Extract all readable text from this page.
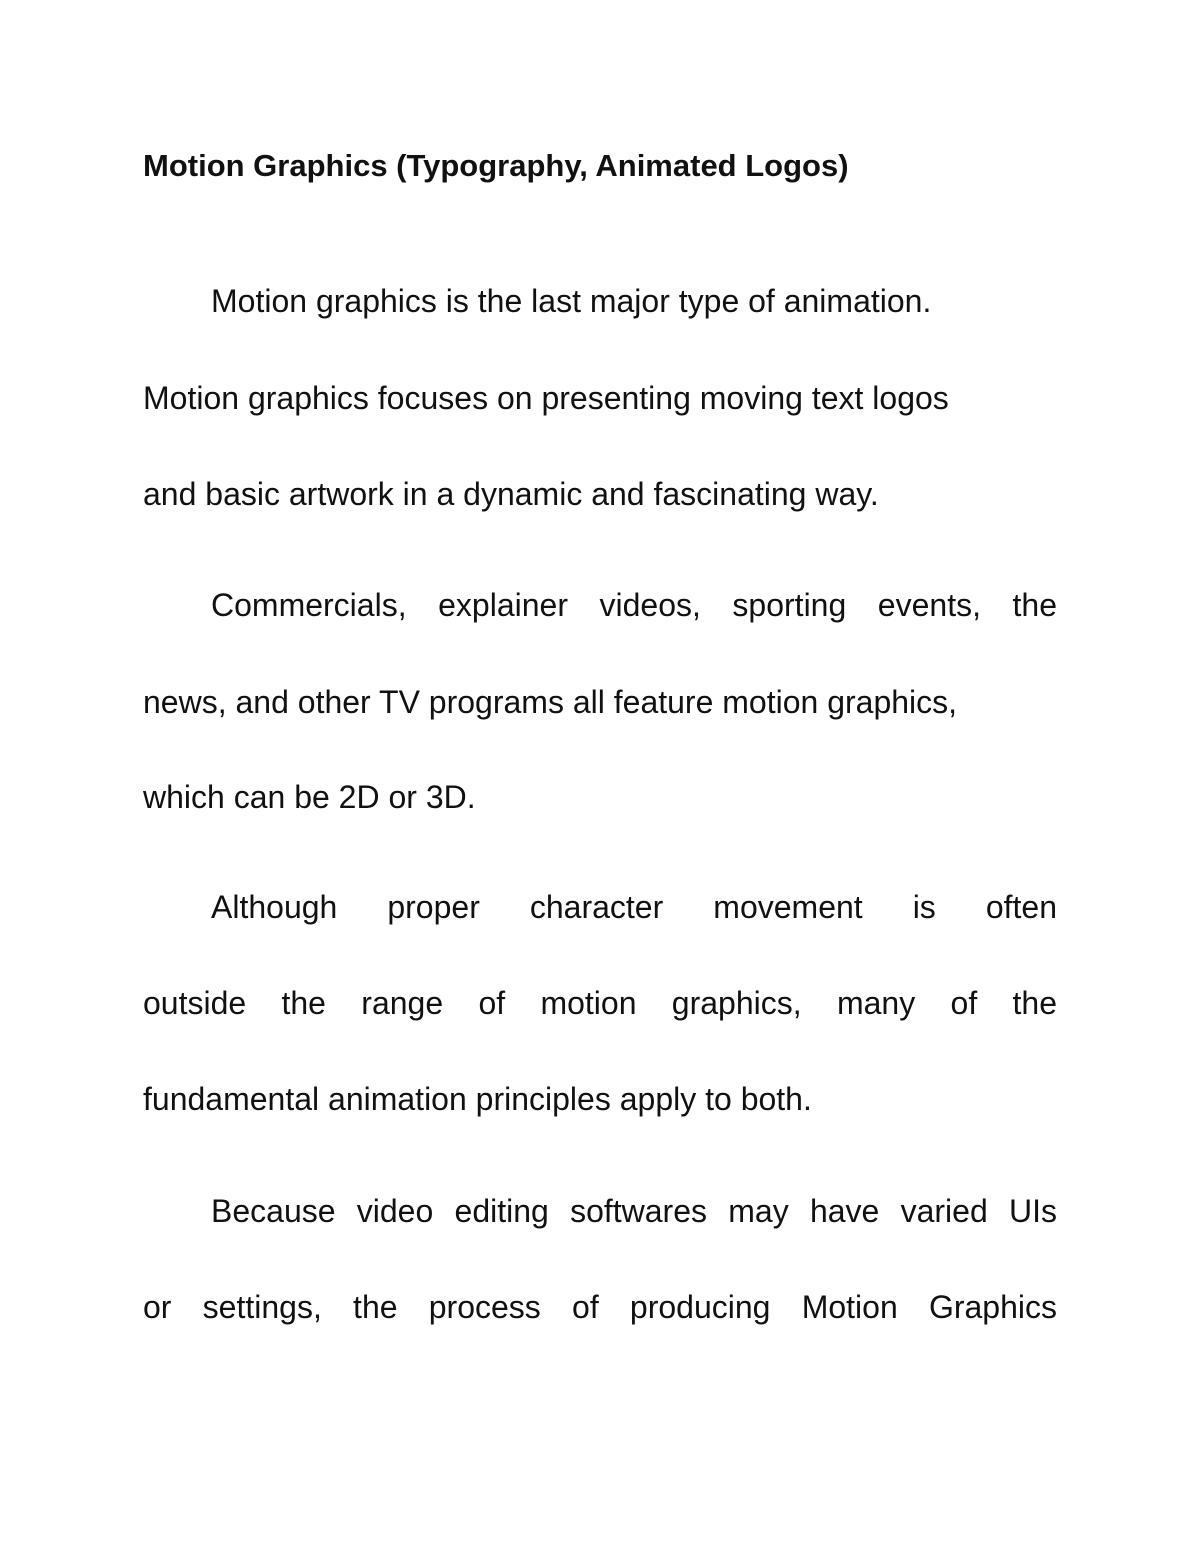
Motion Graphics (Typography, Animated Logos)
Motion graphics is the last major type of animation.
Motion graphics focuses on presenting moving text logos
and basic artwork in a dynamic and fascinating way.
Commercials, explainer videos, sporting events, the
news, and other TV programs all feature motion graphics,
which can be 2D or 3D.
Although proper character movement is often
outside the range of motion graphics, many of the
fundamental animation principles apply to both.
Because video editing softwares may have varied UIs
or settings, the process of producing Motion Graphics
